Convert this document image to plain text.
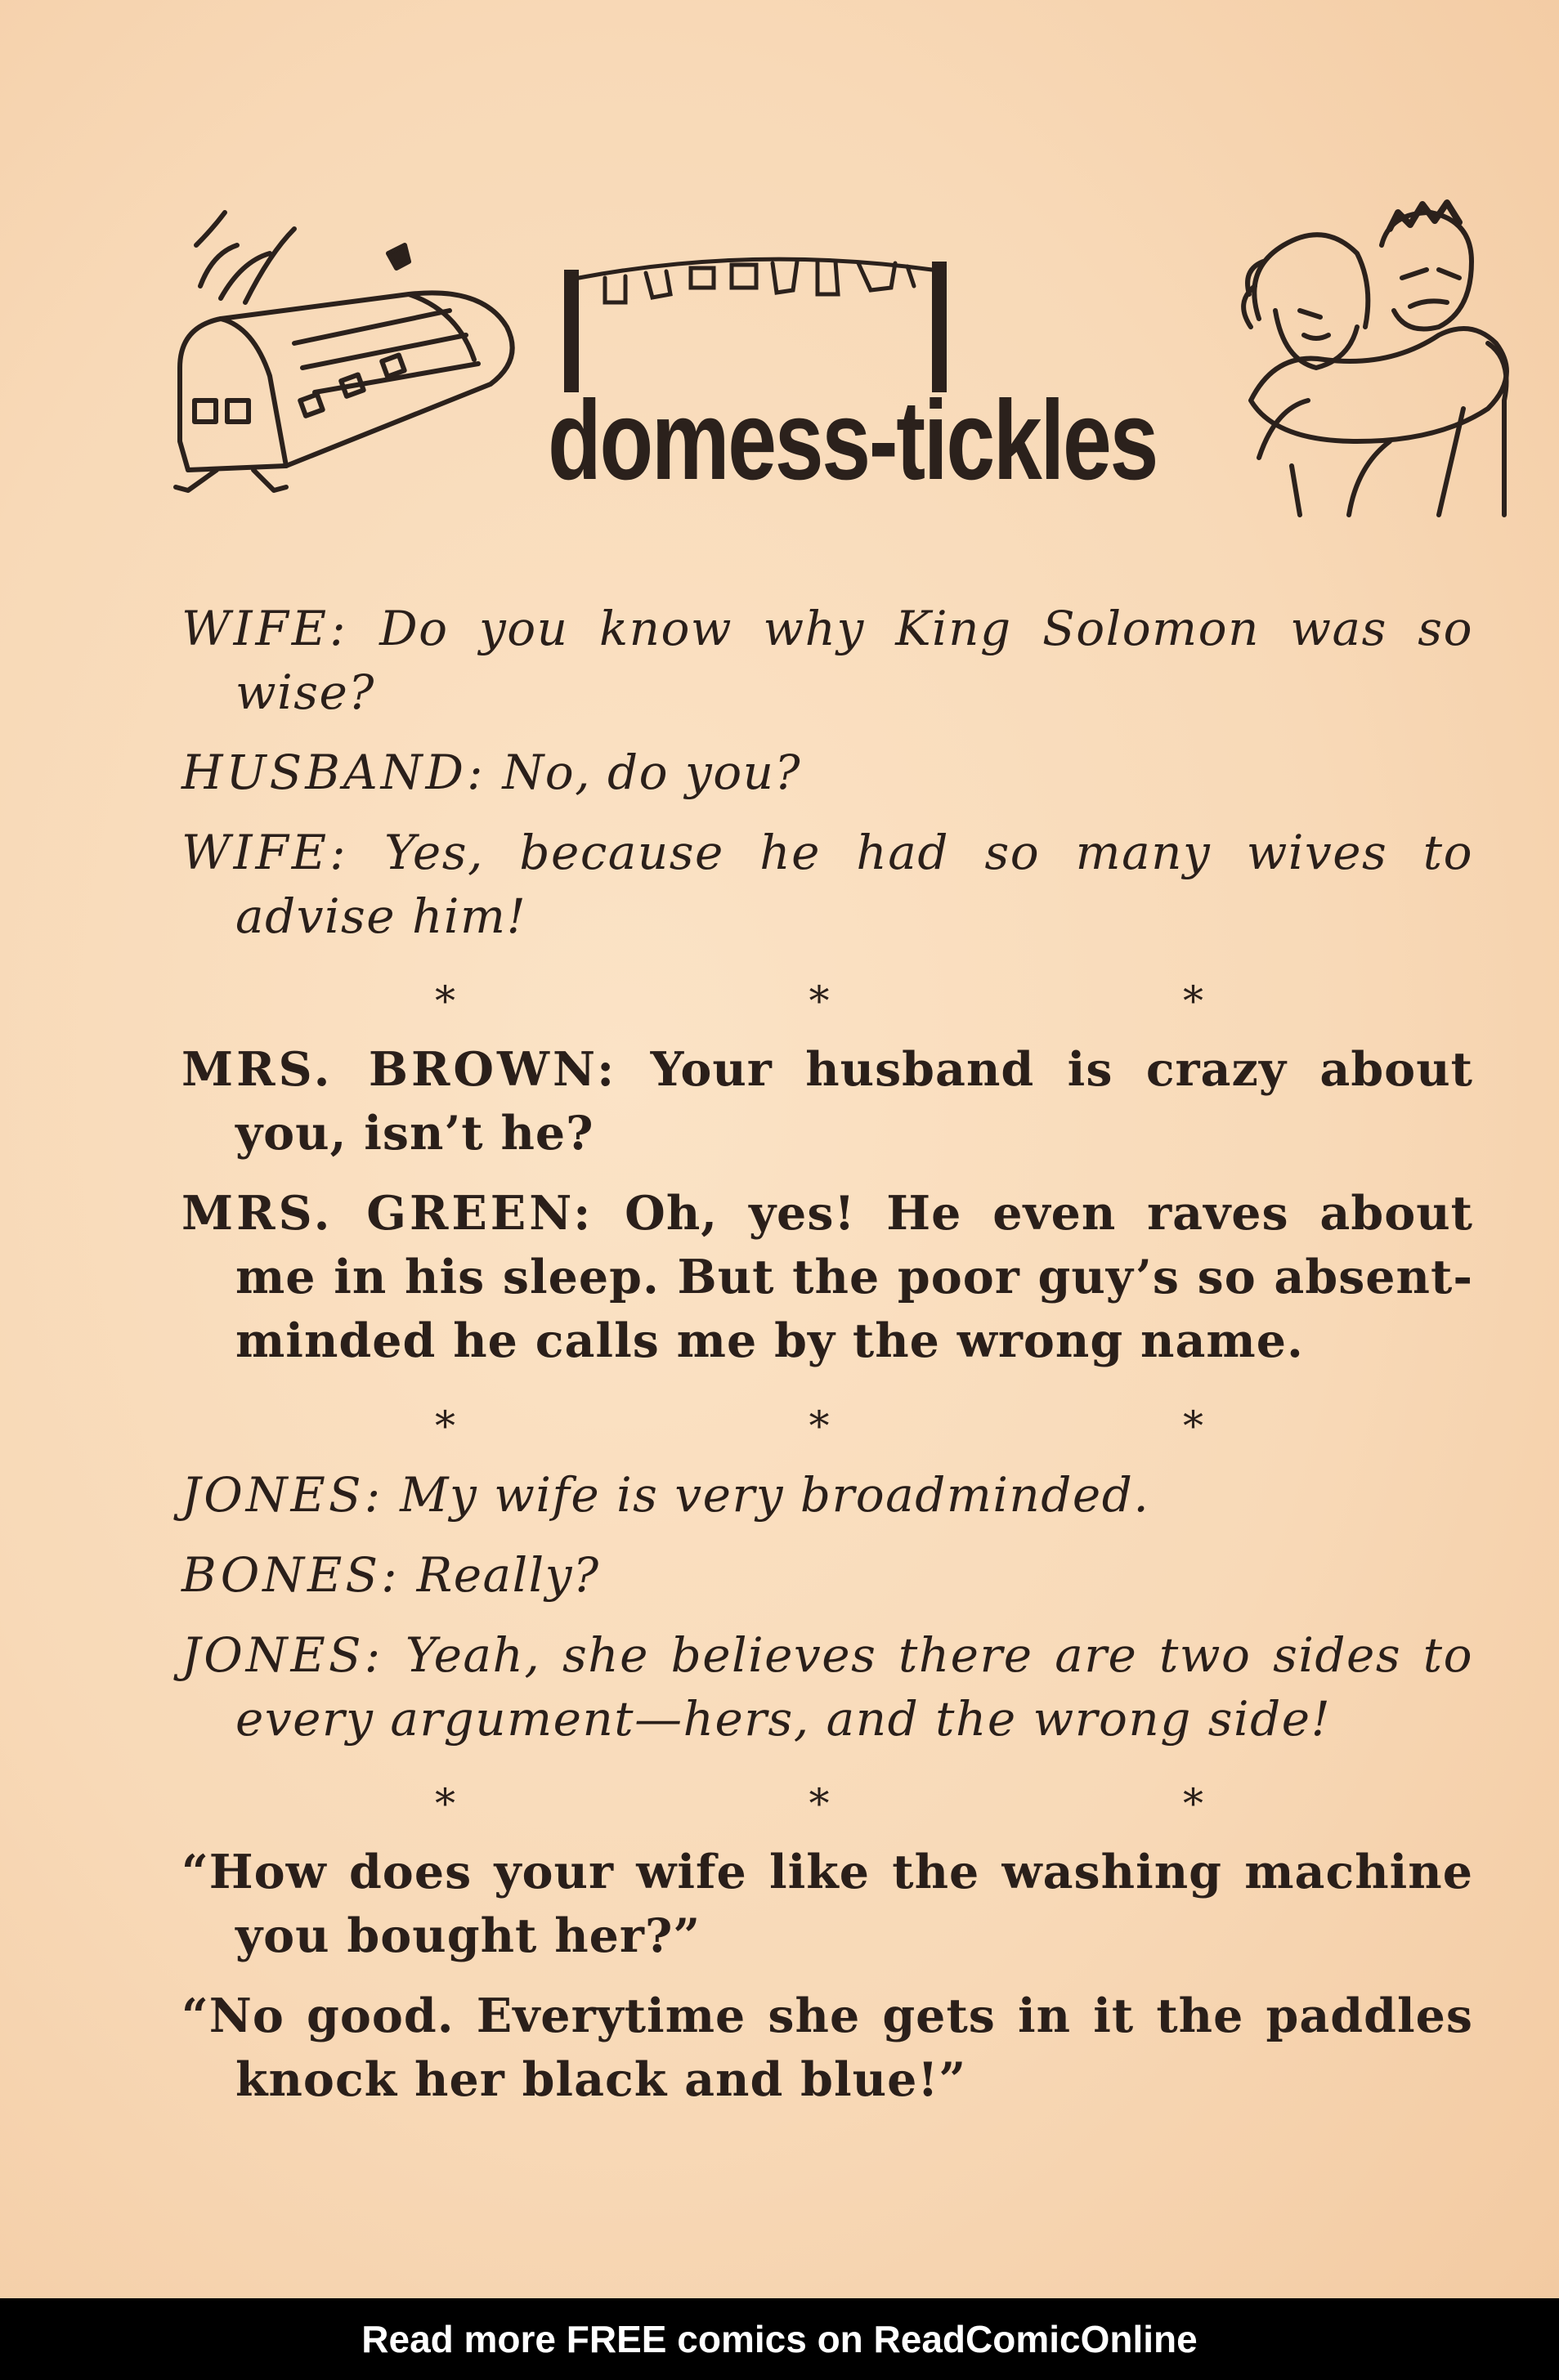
domess-tickles

WIFE: Do you know why King Solomon was so wise?

HUSBAND: No, do you?

WIFE: Yes, because he had so many wives to advise him!

*	*	*

MRS. BROWN: Your husband is crazy about you, isn’t he?

MRS. GREEN: Oh, yes! He even raves about me in his sleep. But the poor guy’s so absent-minded he calls me by the wrong name.

*	*	*

JONES: My wife is very broadminded.

BONES: Really?

JONES: Yeah, she believes there are two sides to every argument—hers, and the wrong side!

*	*	*

“How does your wife like the washing machine you bought her?”

“No good. Everytime she gets in it the paddles knock her black and blue!”

Read more FREE comics on ReadComicOnline
